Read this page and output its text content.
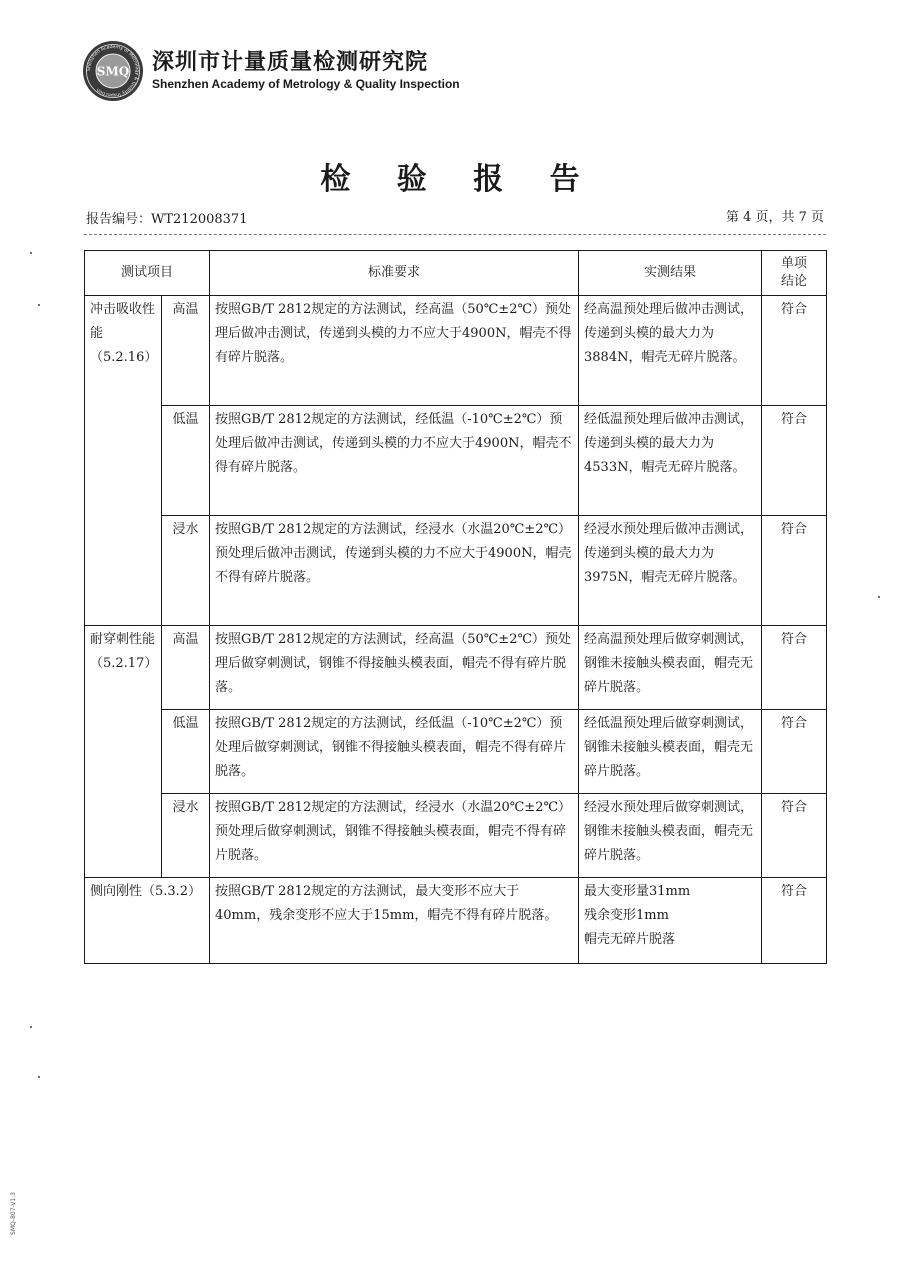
Shenzhen Academy of Metrology & Quality Inspection
SMQ 深圳市计量质量检测研究院
Shenzhen Academy of Metrology & Quality Inspection
检 验 报 告
报告编号：WT212008371	第 4 页，共 7 页
测试项目		标准要求	实测结果	单项
结论
冲击吸收性能（5.2.16）	高温	按照GB/T 2812规定的方法测试，经高温（50℃±2℃）预处理后做冲击测试，传递到头模的力不应大于4900N，帽壳不得有碎片脱落。	经高温预处理后做冲击测试，传递到头模的最大力为3884N，帽壳无碎片脱落。	符合
	低温	按照GB/T 2812规定的方法测试，经低温（-10℃±2℃）预处理后做冲击测试，传递到头模的力不应大于4900N，帽壳不得有碎片脱落。	经低温预处理后做冲击测试，传递到头模的最大力为4533N，帽壳无碎片脱落。	符合
	浸水	按照GB/T 2812规定的方法测试，经浸水（水温20℃±2℃）预处理后做冲击测试，传递到头模的力不应大于4900N，帽壳不得有碎片脱落。	经浸水预处理后做冲击测试，传递到头模的最大力为3975N，帽壳无碎片脱落。	符合
耐穿刺性能（5.2.17）	高温	按照GB/T 2812规定的方法测试，经高温（50℃±2℃）预处理后做穿刺测试，钢锥不得接触头模表面，帽壳不得有碎片脱落。	经高温预处理后做穿刺测试，钢锥未接触头模表面，帽壳无碎片脱落。	符合
	低温	按照GB/T 2812规定的方法测试，经低温（-10℃±2℃）预处理后做穿刺测试，钢锥不得接触头模表面，帽壳不得有碎片脱落。	经低温预处理后做穿刺测试，钢锥未接触头模表面，帽壳无碎片脱落。	符合
	浸水	按照GB/T 2812规定的方法测试，经浸水（水温20℃±2℃）预处理后做穿刺测试，钢锥不得接触头模表面，帽壳不得有碎片脱落。	经浸水预处理后做穿刺测试，钢锥未接触头模表面，帽壳无碎片脱落。	符合
侧向刚性（5.3.2）		按照GB/T 2812规定的方法测试，最大变形不应大于40mm，残余变形不应大于15mm，帽壳不得有碎片脱落。	最大变形量31mm
残余变形1mm
帽壳无碎片脱落	符合
SMQ-807-V1.3
